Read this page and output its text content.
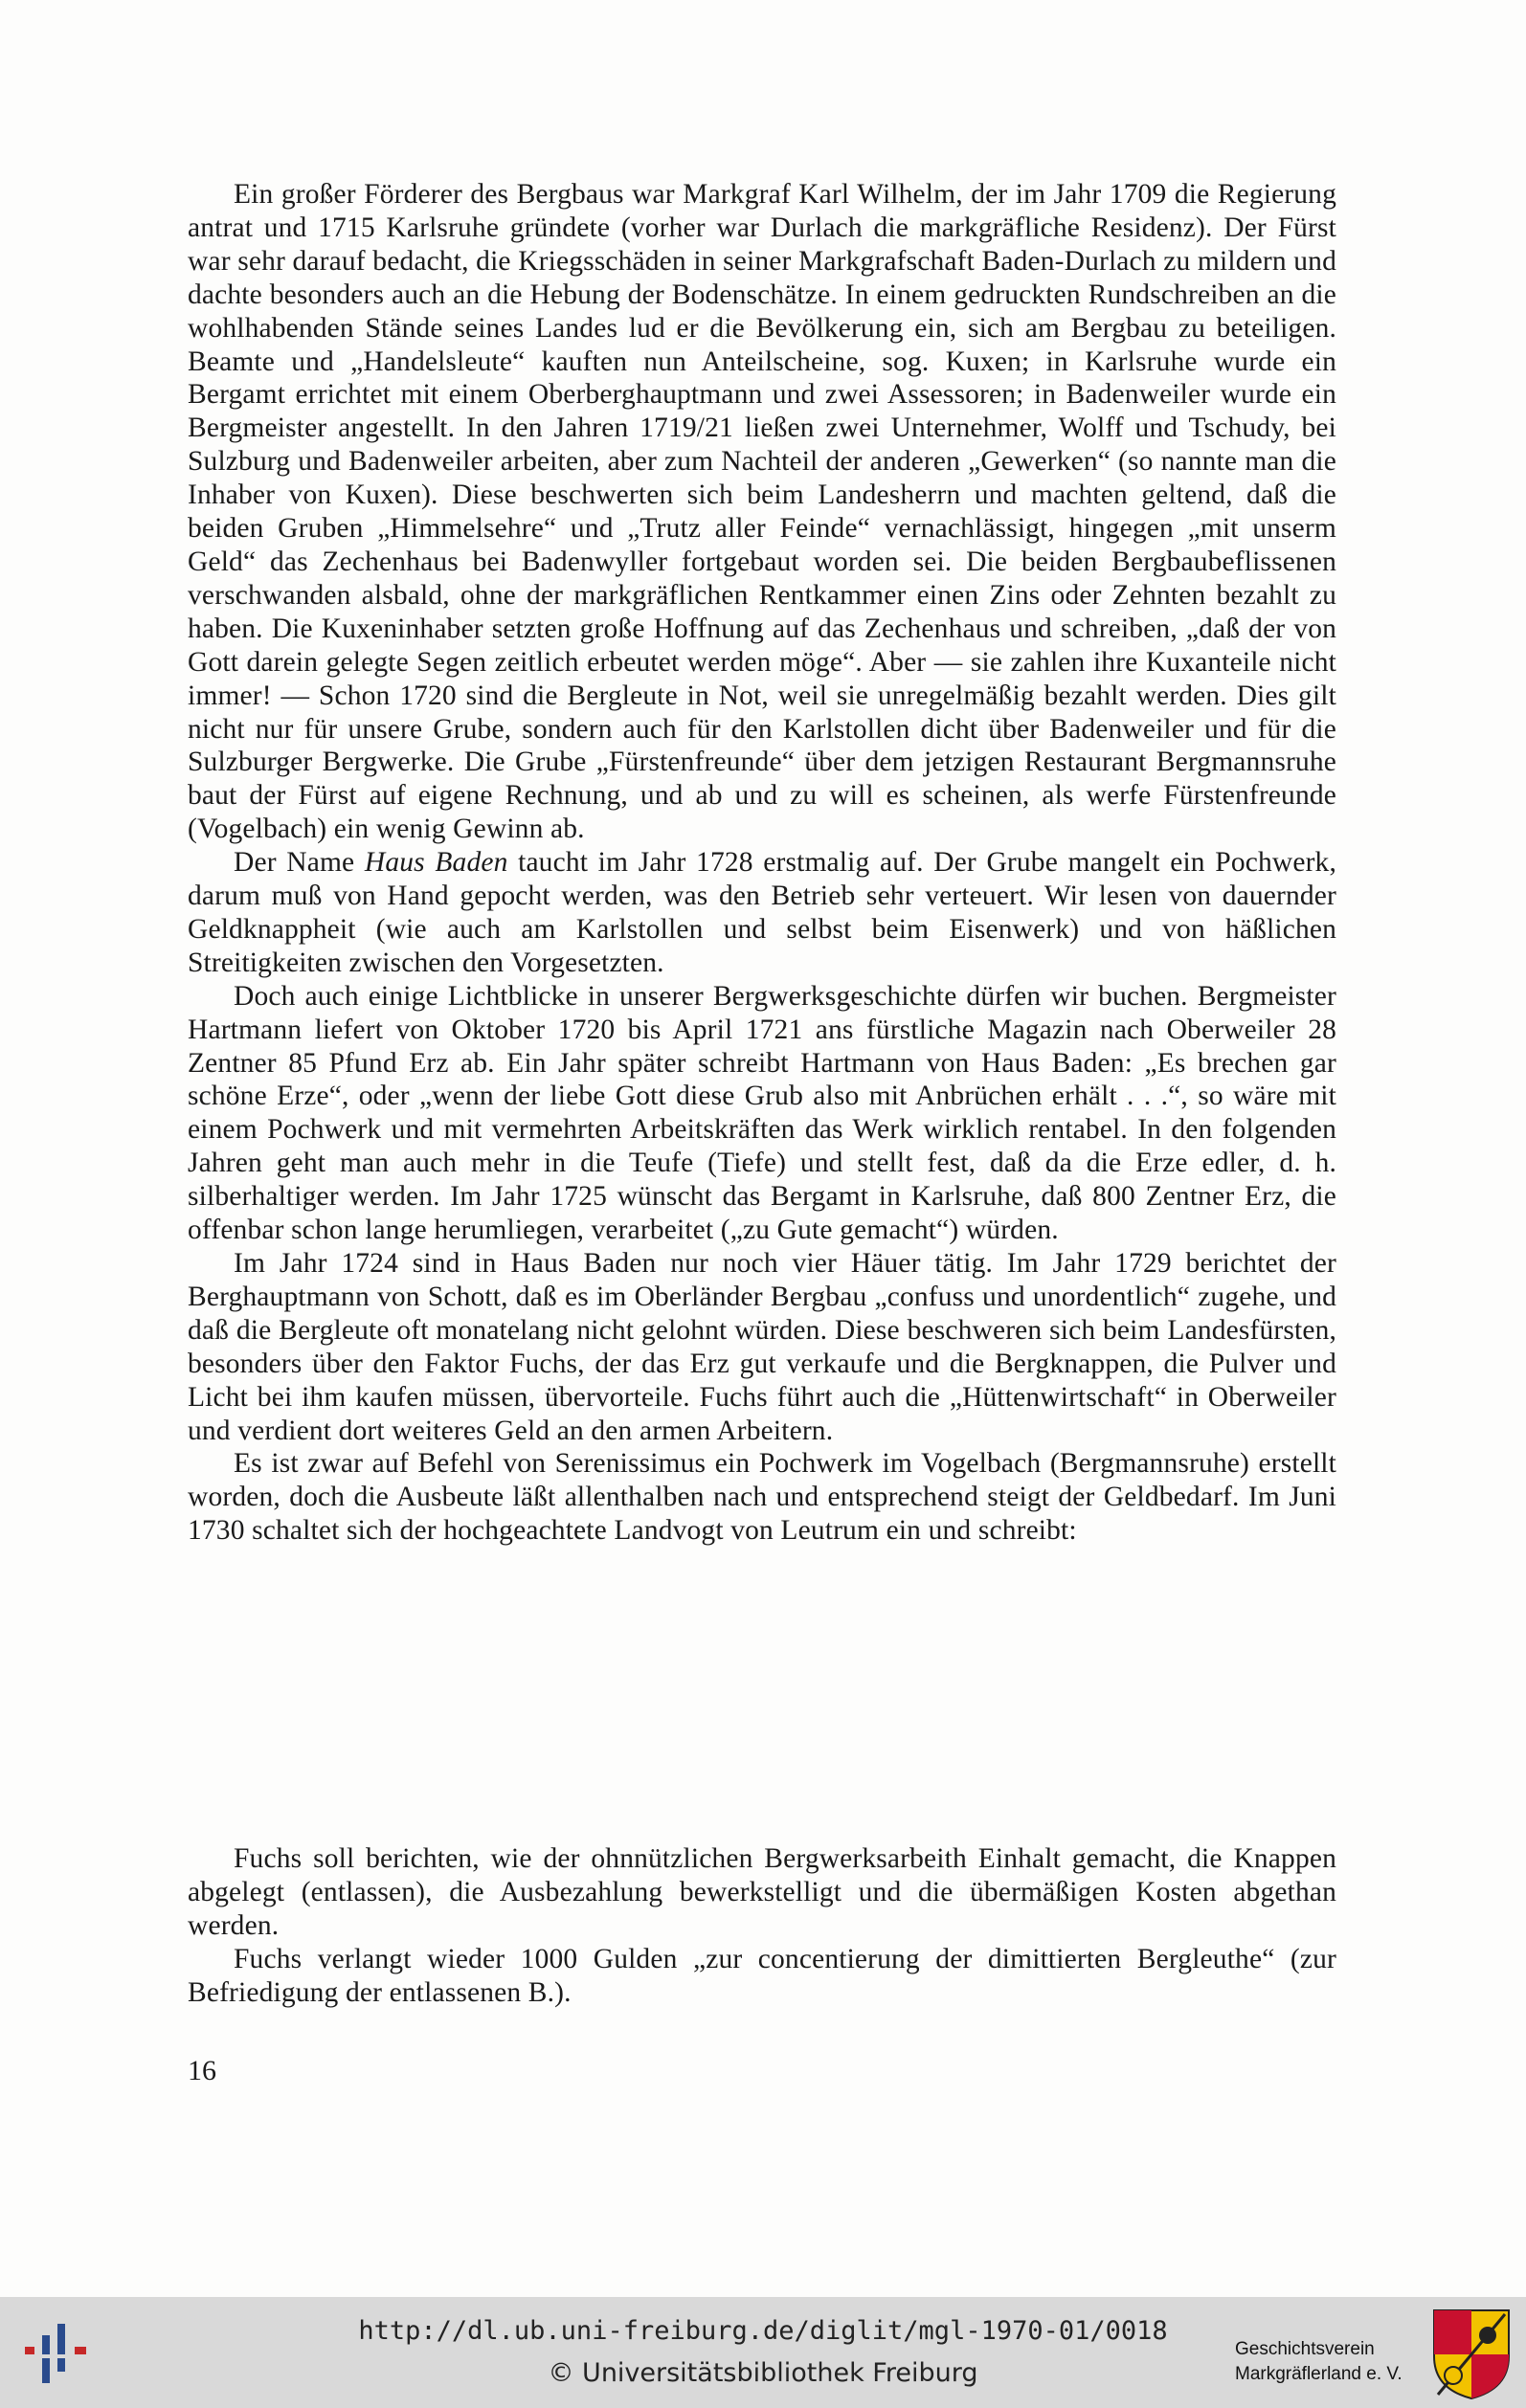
Ein großer Förderer des Bergbaus war Markgraf Karl Wilhelm, der im Jahr 1709 die Regierung antrat und 1715 Karlsruhe gründete (vorher war Durlach die markgräfliche Residenz). Der Fürst war sehr darauf bedacht, die Kriegsschäden in seiner Markgrafschaft Baden-Durlach zu mildern und dachte besonders auch an die Hebung der Bodenschätze. In einem gedruckten Rundschreiben an die wohlhabenden Stände seines Landes lud er die Bevölkerung ein, sich am Bergbau zu beteiligen. Beamte und „Handelsleute“ kauften nun Anteilscheine, sog. Kuxen; in Karlsruhe wurde ein Bergamt errichtet mit einem Oberberghauptmann und zwei Assessoren; in Badenweiler wurde ein Bergmeister angestellt. In den Jahren 1719/21 ließen zwei Unternehmer, Wolff und Tschudy, bei Sulzburg und Badenweiler arbeiten, aber zum Nachteil der anderen „Gewerken“ (so nannte man die Inhaber von Kuxen). Diese beschwerten sich beim Landesherrn und machten geltend, daß die beiden Gruben „Himmelsehre“ und „Trutz aller Feinde“ vernachlässigt, hingegen „mit unserm Geld“ das Zechenhaus bei Badenwyller fortgebaut worden sei. Die beiden Bergbaubeflissenen verschwanden alsbald, ohne der markgräflichen Rentkammer einen Zins oder Zehnten bezahlt zu haben. Die Kuxeninhaber setzten große Hoffnung auf das Zechenhaus und schreiben, „daß der von Gott darein gelegte Segen zeitlich erbeutet werden möge“. Aber — sie zahlen ihre Kuxanteile nicht immer! — Schon 1720 sind die Bergleute in Not, weil sie unregelmäßig bezahlt werden. Dies gilt nicht nur für unsere Grube, sondern auch für den Karlstollen dicht über Badenweiler und für die Sulzburger Bergwerke. Die Grube „Fürstenfreunde“ über dem jetzigen Restaurant Bergmannsruhe baut der Fürst auf eigene Rechnung, und ab und zu will es scheinen, als werfe Fürstenfreunde (Vogelbach) ein wenig Gewinn ab.

Der Name Haus Baden taucht im Jahr 1728 erstmalig auf. Der Grube mangelt ein Pochwerk, darum muß von Hand gepocht werden, was den Betrieb sehr verteuert. Wir lesen von dauernder Geldknappheit (wie auch am Karlstollen und selbst beim Eisenwerk) und von häßlichen Streitigkeiten zwischen den Vorgesetzten.

Doch auch einige Lichtblicke in unserer Bergwerksgeschichte dürfen wir buchen. Bergmeister Hartmann liefert von Oktober 1720 bis April 1721 ans fürstliche Magazin nach Oberweiler 28 Zentner 85 Pfund Erz ab. Ein Jahr später schreibt Hartmann von Haus Baden: „Es brechen gar schöne Erze“, oder „wenn der liebe Gott diese Grub also mit Anbrüchen erhält . . .“, so wäre mit einem Pochwerk und mit vermehrten Arbeitskräften das Werk wirklich rentabel. In den folgenden Jahren geht man auch mehr in die Teufe (Tiefe) und stellt fest, daß da die Erze edler, d. h. silberhaltiger werden. Im Jahr 1725 wünscht das Bergamt in Karlsruhe, daß 800 Zentner Erz, die offenbar schon lange herumliegen, verarbeitet („zu Gute gemacht“) würden.

Im Jahr 1724 sind in Haus Baden nur noch vier Häuer tätig. Im Jahr 1729 berichtet der Berghauptmann von Schott, daß es im Oberländer Bergbau „confuss und unordentlich“ zugehe, und daß die Bergleute oft monatelang nicht gelohnt würden. Diese beschweren sich beim Landesfürsten, besonders über den Faktor Fuchs, der das Erz gut verkaufe und die Bergknappen, die Pulver und Licht bei ihm kaufen müssen, übervorteile. Fuchs führt auch die „Hüttenwirtschaft“ in Oberweiler und verdient dort weiteres Geld an den armen Arbeitern.

Es ist zwar auf Befehl von Serenissimus ein Pochwerk im Vogelbach (Bergmannsruhe) erstellt worden, doch die Ausbeute läßt allenthalben nach und entsprechend steigt der Geldbedarf. Im Juni 1730 schaltet sich der hochgeachtete Landvogt von Leutrum ein und schreibt:

Fuchs soll berichten, wie der ohnnützlichen Bergwerksarbeith Einhalt gemacht, die Knappen abgelegt (entlassen), die Ausbezahlung bewerkstelligt und die übermäßigen Kosten abgethan werden.

Fuchs verlangt wieder 1000 Gulden „zur concentierung der dimittierten Bergleuthe“ (zur Befriedigung der entlassenen B.).

16
http://dl.ub.uni-freiburg.de/diglit/mgl-1970-01/0018
© Universitätsbibliothek Freiburg
Geschichtsverein
Markgräflerland e. V.
